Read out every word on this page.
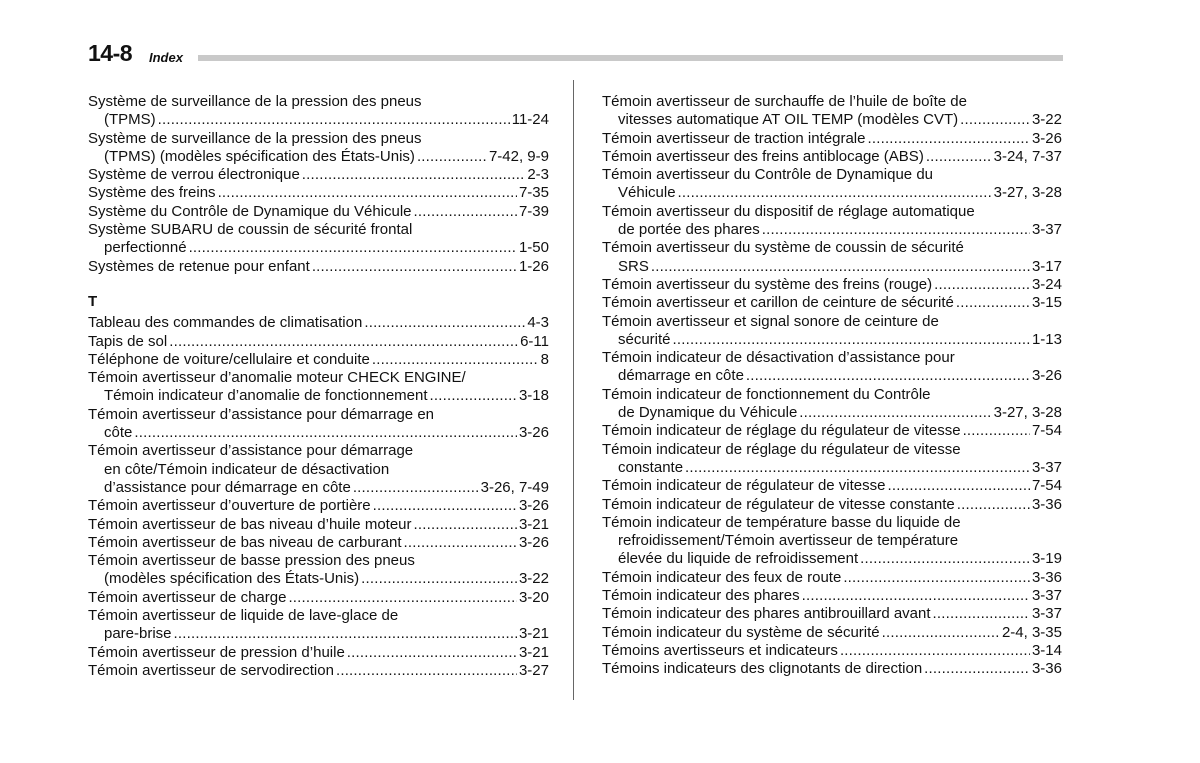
14-8 Index
Système de surveillance de la pression des pneus
(TPMS) .....	11-24
Système de surveillance de la pression des pneus
(TPMS) (modèles spécification des États-Unis) .....	7-42, 9-9
Système de verrou électronique .....	2-3
Système des freins .....	7-35
Système du Contrôle de Dynamique du Véhicule .....	7-39
Système SUBARU de coussin de sécurité frontal
perfectionné .....	1-50
Systèmes de retenue pour enfant .....	1-26
T
Tableau des commandes de climatisation .....	4-3
Tapis de sol .....	6-11
Téléphone de voiture/cellulaire et conduite .....	8
Témoin avertisseur d’anomalie moteur CHECK ENGINE/
Témoin indicateur d’anomalie de fonctionnement .....	3-18
Témoin avertisseur d’assistance pour démarrage en
côte .....	3-26
Témoin avertisseur d’assistance pour démarrage
en côte/Témoin indicateur de désactivation
d’assistance pour démarrage en côte .....	3-26, 7-49
Témoin avertisseur d’ouverture de portière .....	3-26
Témoin avertisseur de bas niveau d’huile moteur .....	3-21
Témoin avertisseur de bas niveau de carburant .....	3-26
Témoin avertisseur de basse pression des pneus
(modèles spécification des États-Unis) .....	3-22
Témoin avertisseur de charge .....	3-20
Témoin avertisseur de liquide de lave-glace de
pare-brise .....	3-21
Témoin avertisseur de pression d’huile .....	3-21
Témoin avertisseur de servodirection .....	3-27
Témoin avertisseur de surchauffe de l’huile de boîte de
vitesses automatique AT OIL TEMP (modèles CVT) .....	3-22
Témoin avertisseur de traction intégrale .....	3-26
Témoin avertisseur des freins antiblocage (ABS) .....	3-24, 7-37
Témoin avertisseur du Contrôle de Dynamique du
Véhicule .....	3-27, 3-28
Témoin avertisseur du dispositif de réglage automatique
de portée des phares .....	3-37
Témoin avertisseur du système de coussin de sécurité
SRS .....	3-17
Témoin avertisseur du système des freins (rouge) .....	3-24
Témoin avertisseur et carillon de ceinture de sécurité .....	3-15
Témoin avertisseur et signal sonore de ceinture de
sécurité .....	1-13
Témoin indicateur de désactivation d’assistance pour
démarrage en côte .....	3-26
Témoin indicateur de fonctionnement du Contrôle
de Dynamique du Véhicule .....	3-27, 3-28
Témoin indicateur de réglage du régulateur de vitesse .....	7-54
Témoin indicateur de réglage du régulateur de vitesse
constante .....	3-37
Témoin indicateur de régulateur de vitesse .....	7-54
Témoin indicateur de régulateur de vitesse constante .....	3-36
Témoin indicateur de température basse du liquide de
refroidissement/Témoin avertisseur de température
élevée du liquide de refroidissement .....	3-19
Témoin indicateur des feux de route .....	3-36
Témoin indicateur des phares .....	3-37
Témoin indicateur des phares antibrouillard avant .....	3-37
Témoin indicateur du système de sécurité .....	2-4, 3-35
Témoins avertisseurs et indicateurs .....	3-14
Témoins indicateurs des clignotants de direction .....	3-36
